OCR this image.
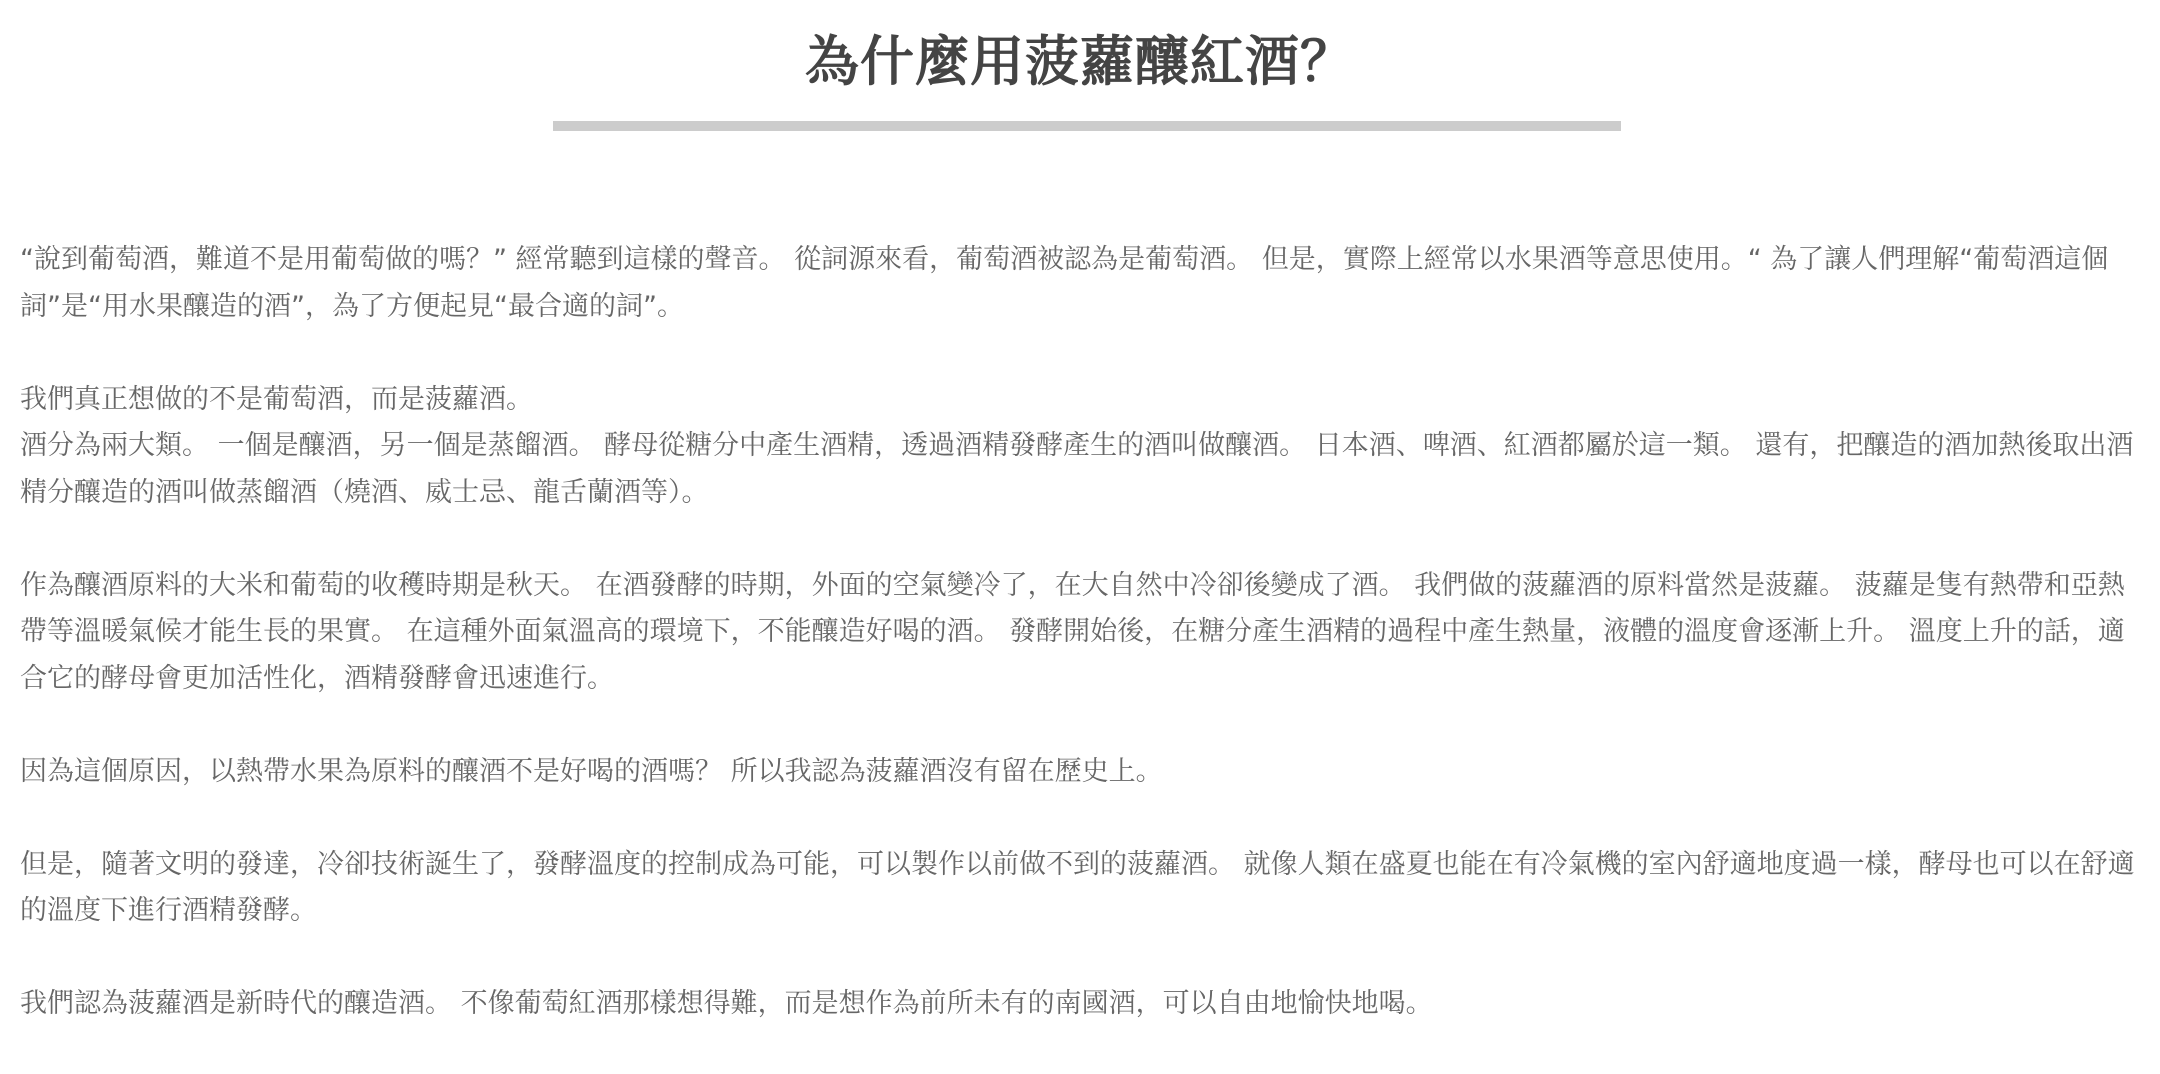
為什麼用菠蘿釀紅酒？

“說到葡萄酒，難道不是用葡萄做的嗎？” 經常聽到這樣的聲音。 從詞源來看，葡萄酒被認為是葡萄酒。 但是，實際上經常以水果酒等意思使用。“ 為了讓人們理解“葡萄酒這個詞”是“用水果釀造的酒”，為了方便起見“最合適的詞”。

我們真正想做的不是葡萄酒，而是菠蘿酒。

酒分為兩大類。 一個是釀酒，另一個是蒸餾酒。 酵母從糖分中產生酒精，透過酒精發酵產生的酒叫做釀酒。 日本酒、啤酒、紅酒都屬於這一類。 還有，把釀造的酒加熱後取出酒精分釀造的酒叫做蒸餾酒（燒酒、威士忌、龍舌蘭酒等）。

作為釀酒原料的大米和葡萄的收穫時期是秋天。 在酒發酵的時期，外面的空氣變冷了，在大自然中冷卻後變成了酒。 我們做的菠蘿酒的原料當然是菠蘿。 菠蘿是隻有熱帶和亞熱帶等溫暖氣候才能生長的果實。 在這種外面氣溫高的環境下，不能釀造好喝的酒。 發酵開始後，在糖分產生酒精的過程中產生熱量，液體的溫度會逐漸上升。 溫度上升的話，適合它的酵母會更加活性化，酒精發酵會迅速進行。

因為這個原因，以熱帶水果為原料的釀酒不是好喝的酒嗎？ 所以我認為菠蘿酒沒有留在歷史上。

但是，隨著文明的發達，冷卻技術誕生了，發酵溫度的控制成為可能，可以製作以前做不到的菠蘿酒。 就像人類在盛夏也能在有冷氣機的室內舒適地度過一樣，酵母也可以在舒適的溫度下進行酒精發酵。

我們認為菠蘿酒是新時代的釀造酒。 不像葡萄紅酒那樣想得難，而是想作為前所未有的南國酒，可以自由地愉快地喝。
